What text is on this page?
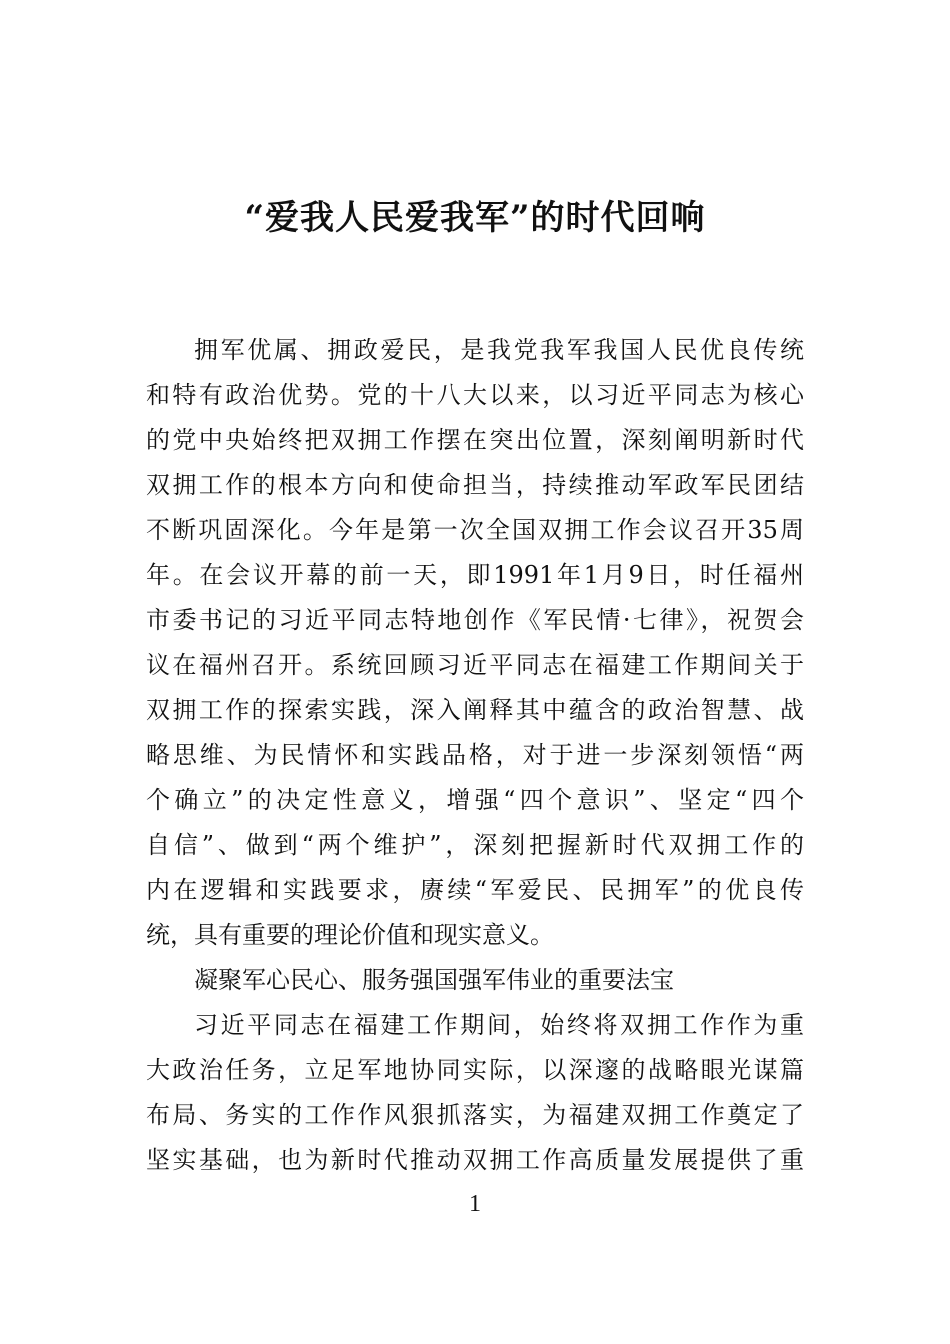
“爱我人民爱我军”的时代回响
拥军优属、拥政爱民，是我党我军我国人民优良传统
和特有政治优势。党的十八大以来，以习近平同志为核心
的党中央始终把双拥工作摆在突出位置，深刻阐明新时代
双拥工作的根本方向和使命担当，持续推动军政军民团结
不断巩固深化。今年是第一次全国双拥工作会议召开35周
年。在会议开幕的前一天，即1991年1月9日，时任福州
市委书记的习近平同志特地创作《军民情·七律》，祝贺会
议在福州召开。系统回顾习近平同志在福建工作期间关于
双拥工作的探索实践，深入阐释其中蕴含的政治智慧、战
略思维、为民情怀和实践品格，对于进一步深刻领悟“两
个确立”的决定性意义，增强“四个意识”、坚定“四个
自信”、做到“两个维护”，深刻把握新时代双拥工作的
内在逻辑和实践要求，赓续“军爱民、民拥军”的优良传
统，具有重要的理论价值和现实意义。
凝聚军心民心、服务强国强军伟业的重要法宝
习近平同志在福建工作期间，始终将双拥工作作为重
大政治任务，立足军地协同实际，以深邃的战略眼光谋篇
布局、务实的工作作风狠抓落实，为福建双拥工作奠定了
坚实基础，也为新时代推动双拥工作高质量发展提供了重
1
